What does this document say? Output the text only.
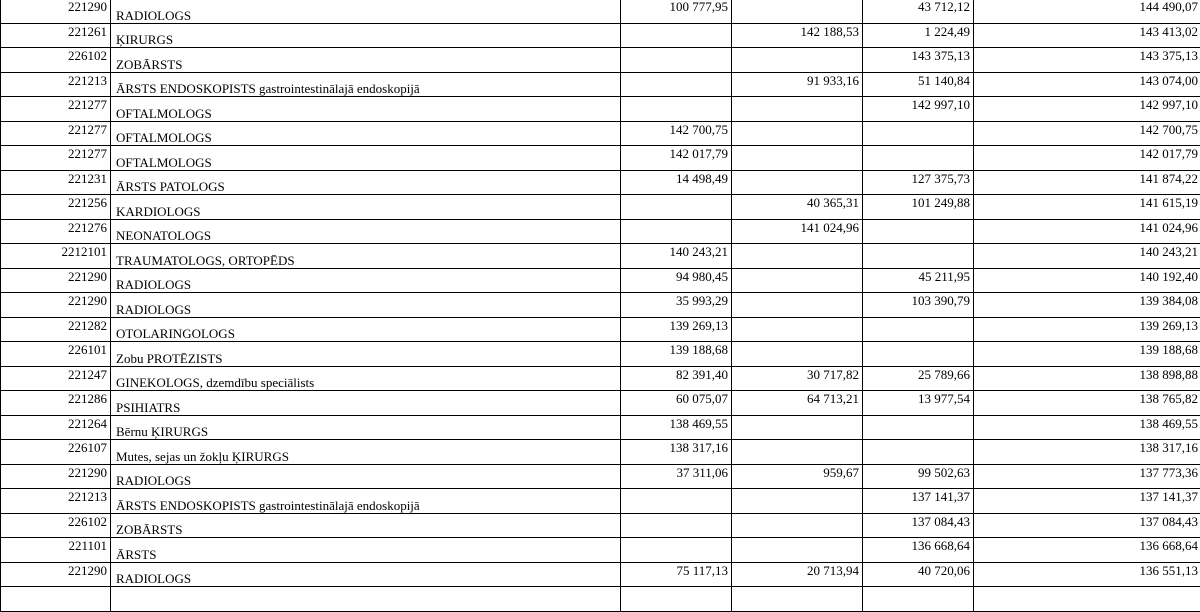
221290	RADIOLOGS	100 777,95		43 712,12	144 490,07
221261	ĶIRURGS		142 188,53	1 224,49	143 413,02
226102	ZOBĀRSTS			143 375,13	143 375,13
221213	ĀRSTS ENDOSKOPISTS gastrointestinālajā endoskopijā		91 933,16	51 140,84	143 074,00
221277	OFTALMOLOGS			142 997,10	142 997,10
221277	OFTALMOLOGS	142 700,75			142 700,75
221277	OFTALMOLOGS	142 017,79			142 017,79
221231	ĀRSTS PATOLOGS	14 498,49		127 375,73	141 874,22
221256	KARDIOLOGS		40 365,31	101 249,88	141 615,19
221276	NEONATOLOGS		141 024,96		141 024,96
2212101	TRAUMATOLOGS, ORTOPĒDS	140 243,21			140 243,21
221290	RADIOLOGS	94 980,45		45 211,95	140 192,40
221290	RADIOLOGS	35 993,29		103 390,79	139 384,08
221282	OTOLARINGOLOGS	139 269,13			139 269,13
226101	Zobu PROTĒZISTS	139 188,68			139 188,68
221247	GINEKOLOGS, dzemdību speciālists	82 391,40	30 717,82	25 789,66	138 898,88
221286	PSIHIATRS	60 075,07	64 713,21	13 977,54	138 765,82
221264	Bērnu ĶIRURGS	138 469,55			138 469,55
226107	Mutes, sejas un žokļu ĶIRURGS	138 317,16			138 317,16
221290	RADIOLOGS	37 311,06	959,67	99 502,63	137 773,36
221213	ĀRSTS ENDOSKOPISTS gastrointestinālajā endoskopijā			137 141,37	137 141,37
226102	ZOBĀRSTS			137 084,43	137 084,43
221101	ĀRSTS			136 668,64	136 668,64
221290	RADIOLOGS	75 117,13	20 713,94	40 720,06	136 551,13
